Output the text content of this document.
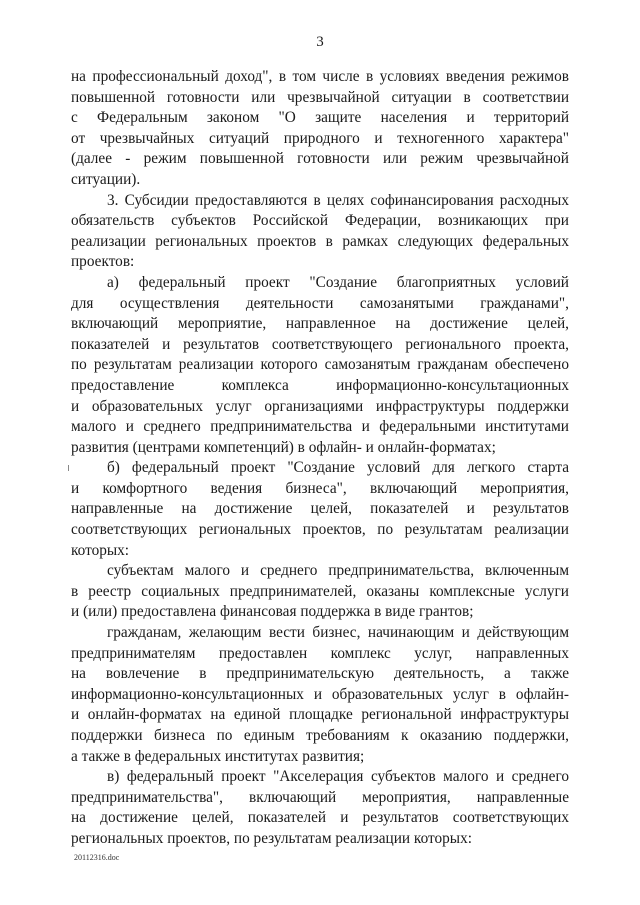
3
на профессиональный доход", в том числе в условиях введения режимов
повышенной готовности или чрезвычайной ситуации в соответствии
с Федеральным законом "О защите населения и территорий
от чрезвычайных ситуаций природного и техногенного характера"
(далее - режим повышенной готовности или режим чрезвычайной
ситуации).
3. Субсидии предоставляются в целях софинансирования расходных
обязательств субъектов Российской Федерации, возникающих при
реализации региональных проектов в рамках следующих федеральных
проектов:
а) федеральный проект "Создание благоприятных условий
для осуществления деятельности самозанятыми гражданами",
включающий мероприятие, направленное на достижение целей,
показателей и результатов соответствующего регионального проекта,
по результатам реализации которого самозанятым гражданам обеспечено
предоставление комплекса информационно-консультационных
и образовательных услуг организациями инфраструктуры поддержки
малого и среднего предпринимательства и федеральными институтами
развития (центрами компетенций) в офлайн- и онлайн-форматах;
б) федеральный проект "Создание условий для легкого старта
и комфортного ведения бизнеса", включающий мероприятия,
направленные на достижение целей, показателей и результатов
соответствующих региональных проектов, по результатам реализации
которых:
субъектам малого и среднего предпринимательства, включенным
в реестр социальных предпринимателей, оказаны комплексные услуги
и (или) предоставлена финансовая поддержка в виде грантов;
гражданам, желающим вести бизнес, начинающим и действующим
предпринимателям предоставлен комплекс услуг, направленных
на вовлечение в предпринимательскую деятельность, а также
информационно-консультационных и образовательных услуг в офлайн-
и онлайн-форматах на единой площадке региональной инфраструктуры
поддержки бизнеса по единым требованиям к оказанию поддержки,
а также в федеральных институтах развития;
в) федеральный проект "Акселерация субъектов малого и среднего
предпринимательства", включающий мероприятия, направленные
на достижение целей, показателей и результатов соответствующих
региональных проектов, по результатам реализации которых:
20112316.doc
